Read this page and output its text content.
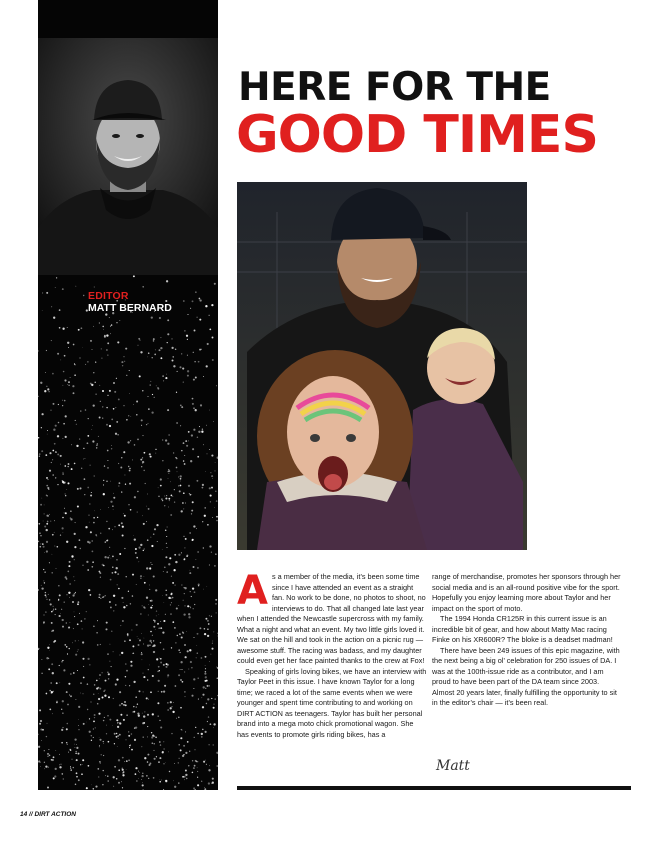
EDITOR

MATT BERNARD

HERE FOR THE
GOOD TIMES
A s a member of the media, it’s been some time since I have attended an event as a straight fan. No work to be done, no photos to shoot, no interviews to do. That all changed late last year when I attended the Newcastle supercross with my family. What a night and what an event. My two little girls loved it. We sat on the hill and took in the action on a picnic rug — awesome stuff. The racing was badass, and my daughter could even get her face painted thanks to the crew at Fox!

Speaking of girls loving bikes, we have an interview with Taylor Peet in this issue. I have known Taylor for a long time; we raced a lot of the same events when we were younger and spent time contributing to and working on DIRT ACTION as teenagers. Taylor has built her personal brand into a mega moto chick promotional wagon. She has events to promote girls riding bikes, has a

range of merchandise, promotes her sponsors through her social media and is an all-round positive vibe for the sport. Hopefully you enjoy learning more about Taylor and her impact on the sport of moto.

The 1994 Honda CR125R in this current issue is an incredible bit of gear, and how about Matty Mac racing Finke on his XR600R? The bloke is a deadset madman!

There have been 249 issues of this epic magazine, with the next being a big ol’ celebration for 250 issues of DA. I was at the 100th-issue ride as a contributor, and I am proud to have been part of the DA team since 2003. Almost 20 years later, finally fulfilling the opportunity to sit in the editor’s chair — it’s been real.

Matt

14 // DIRT ACTION
